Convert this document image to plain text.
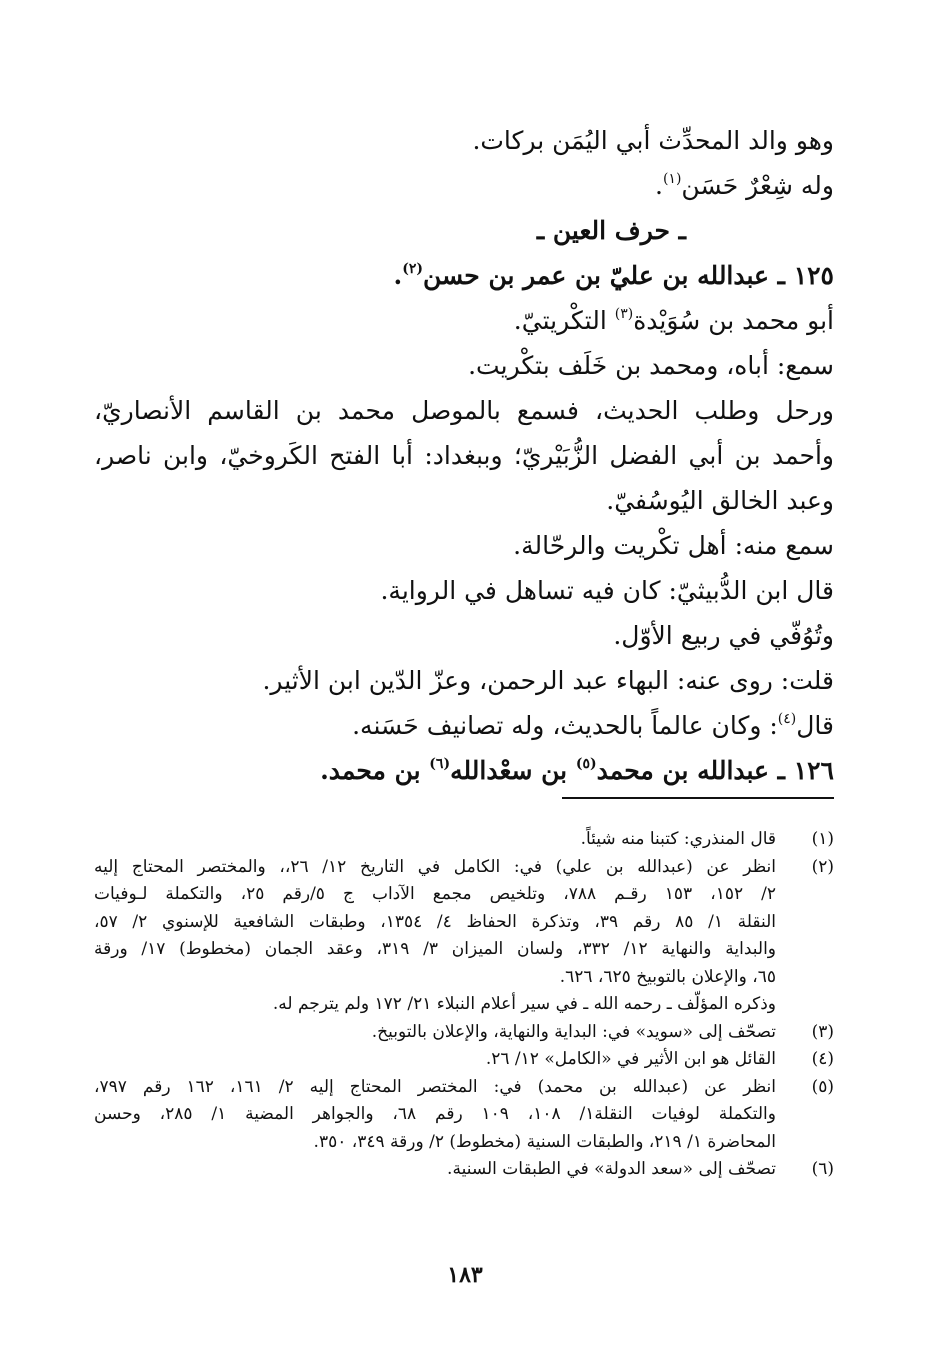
وهو والد المحدِّث أبي اليُمَن بركات.

وله شِعْرٌ حَسَن$^{(١)}$.

ـ حرف العين ـ

١٢٥ ـ عبدالله بن عليّ بن عمر بن حسن$^{(٢)}$.

أبو محمد بن سُوَيْدة$^{(٣)}$ التكْريتيّ.

سمع: أباه، ومحمد بن خَلَف بتكْريت.

ورحل وطلب الحديث، فسمع بالموصل محمد بن القاسم الأنصاريّ،

وأحمد بن أبي الفضل الزُّبَيْريّ؛ وببغداد: أبا الفتح الكَروخيّ، وابن ناصر،

وعبد الخالق اليُوسُفيّ.

سمع منه: أهل تكْريت والرحّالة.

قال ابن الدُّبيثيّ: كان فيه تساهل في الرواية.

وتُوُفّي في ربيع الأوّل.

قلت: روى عنه: البهاء عبد الرحمن، وعزّ الدّين ابن الأثير.

قال$^{(٤)}$: وكان عالماً بالحديث، وله تصانيف حَسَنه.

١٢٦ ـ عبدالله بن محمد$^{(٥)}$ بن سعْدالله$^{(٦)}$ بن محمد.

(١)
قال المنذري: كتبنا منه شيئاً.
(٢)
انظر عن (عبدالله بن علي) في: الكامل في التاريخ ١٢/ ٢٦،، والمختصر المحتاج إليه
٢/ ١٥٢، ١٥٣ رقـم ٧٨٨، وتلخيص مجمع الآداب ج ٥/رقم ٢٥، والتكملة لـوفيات
النقلة ١/ ٨٥ رقم ٣٩، وتذكرة الحفاظ ٤/ ١٣٥٤، وطبقات الشافعية للإسنوي ٢/ ٥٧،
والبداية والنهاية ١٢/ ٣٣٢، ولسان الميزان ٣/ ٣١٩، وعقد الجمان (مخطوط) ١٧/ ورقة
٦٥، والإعلان بالتوبيخ ٦٢٥، ٦٢٦.
وذكره المؤلّف ـ رحمه الله ـ في سير أعلام النبلاء ٢١/ ١٧٢ ولم يترجم له.
(٣)
تصحّف إلى «سويد» في: البداية والنهاية، والإعلان بالتوبيخ.
(٤)
القائل هو ابن الأثير في «الكامل» ١٢/ ٢٦.
(٥)
انظر عن (عبدالله بن محمد) في: المختصر المحتاج إليه ٢/ ١٦١، ١٦٢ رقم ٧٩٧،
والتكملة لوفيات النقلة١/ ١٠٨، ١٠٩ رقم ٦٨، والجواهر المضية ١/ ٢٨٥، وحسن
المحاضرة ١/ ٢١٩، والطبقات السنية (مخطوط) ٢/ ورقة ٣٤٩، ٣٥٠.
(٦)
تصحّف إلى «سعد الدولة» في الطبقات السنية.
١٨٣
